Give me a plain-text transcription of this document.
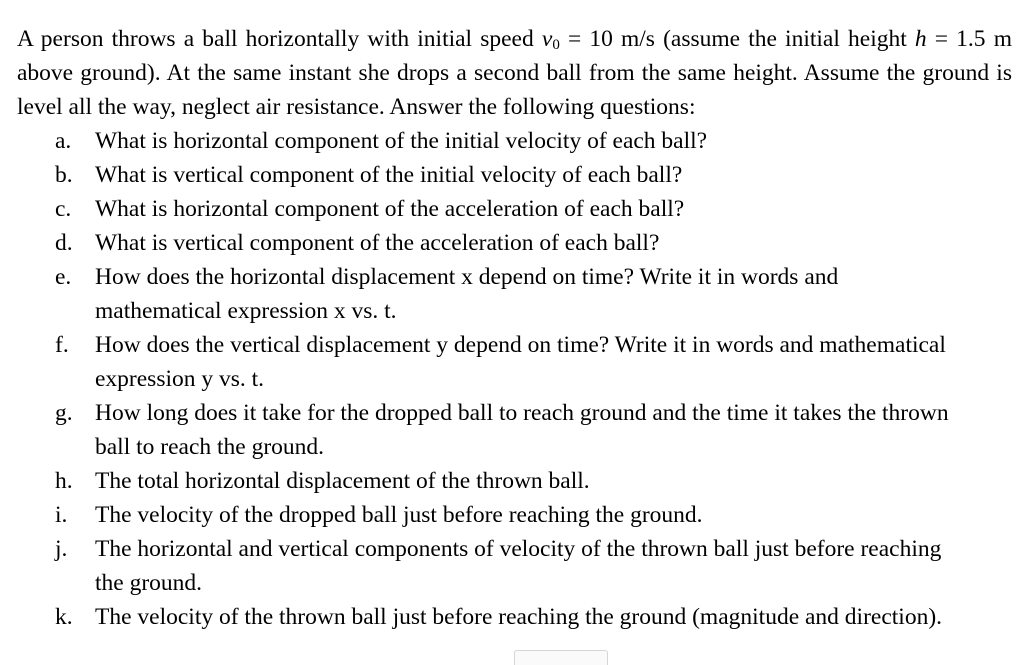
A person throws a ball horizontally with initial speed $v_0 = 10$ m/s (assume the initial height h = 1.5 m above ground). At the same instant she drops a second ball from the same height. Assume the ground is level all the way, neglect air resistance. Answer the following questions:

a.	What is horizontal component of the initial velocity of each ball?
b. What is vertical component of the initial velocity of each ball?
c.	What is horizontal component of the acceleration of each ball?
d. What is vertical component of the acceleration of each ball?
e.	How does the horizontal displacement x depend on time? Write it in words and mathematical expression x vs. t.
f.	How does the vertical displacement y depend on time? Write it in words and mathematical expression y vs. t.
g. How long does it take for the dropped ball to reach ground and the time it takes the thrown ball to reach the ground.
h. The total horizontal displacement of the thrown ball.
i.	The velocity of the dropped ball just before reaching the ground.
j.	The horizontal and vertical components of velocity of the thrown ball just before reaching the ground.
k. The velocity of the thrown ball just before reaching the ground (magnitude and direction).
